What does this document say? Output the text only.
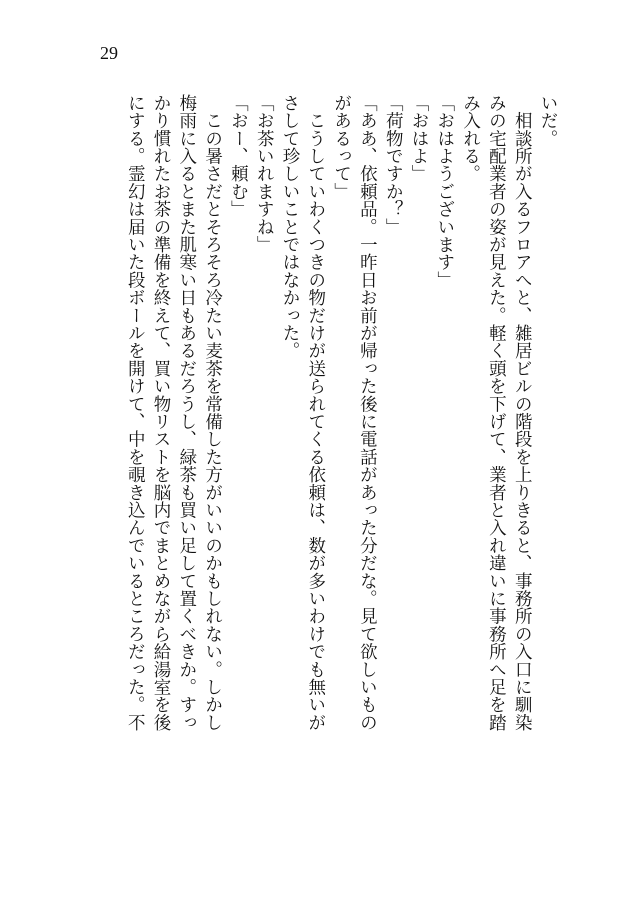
29
いだ。
　相談所が入るフロアへと、雑居ビルの階段を上りきると、事務所の入口に馴染
みの宅配業者の姿が見えた。軽く頭を下げて、業者と入れ違いに事務所へ足を踏
み入れる。
「おはようございます」
「おはよ」
「荷物ですか？」
「ああ、依頼品。一昨日お前が帰った後に電話があった分だな。見て欲しいもの
があるって」
　こうしていわくつきの物だけが送られてくる依頼は、数が多いわけでも無いが
さして珍しいことではなかった。
「お茶いれますね」
「おー、頼む」
　この暑さだとそろそろ冷たい麦茶を常備した方がいいのかもしれない。しかし
梅雨に入るとまた肌寒い日もあるだろうし、緑茶も買い足して置くべきか。すっ
かり慣れたお茶の準備を終えて、買い物リストを脳内でまとめながら給湯室を後
にする。霊幻は届いた段ボールを開けて、中を覗き込んでいるところだった。不
